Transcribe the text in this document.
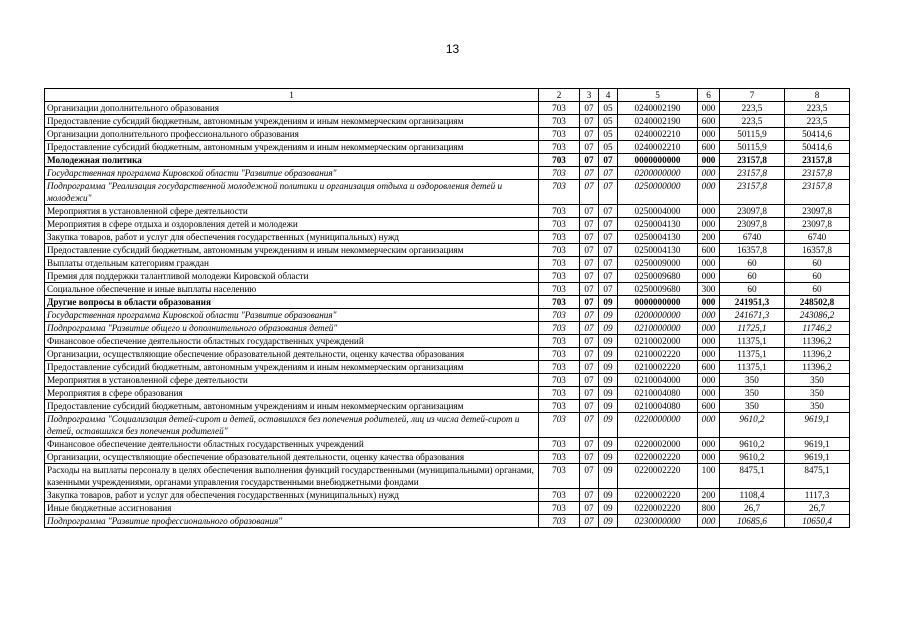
13
1	2	3	4	5	6	7	8
Организации дополнительного образования	703	07	05	0240002190	000	223,5	223,5
Предоставление субсидий бюджетным, автономным учреждениям и иным некоммерческим организациям	703	07	05	0240002190	600	223,5	223,5
Организации дополнительного профессионального образования	703	07	05	0240002210	000	50115,9	50414,6
Предоставление субсидий бюджетным, автономным учреждениям и иным некоммерческим организациям	703	07	05	0240002210	600	50115,9	50414,6
Молодежная политика	703	07	07	0000000000	000	23157,8	23157,8
Государственная программа Кировской области "Развитие образования"	703	07	07	0200000000	000	23157,8	23157,8
Подпрограмма "Реализация государственной молодежной политики и организация отдыха и оздоровления детей и молодежи"	703	07	07	0250000000	000	23157,8	23157,8
Мероприятия в установленной сфере деятельности	703	07	07	0250004000	000	23097,8	23097,8
Мероприятия в сфере отдыха и оздоровления детей и молодежи	703	07	07	0250004130	000	23097,8	23097,8
Закупка товаров, работ и услуг для обеспечения государственных (муниципальных) нужд	703	07	07	0250004130	200	6740	6740
Предоставление субсидий бюджетным, автономным учреждениям и иным некоммерческим организациям	703	07	07	0250004130	600	16357,8	16357,8
Выплаты отдельным категориям граждан	703	07	07	0250009000	000	60	60
Премия для поддержки талантливой молодежи Кировской области	703	07	07	0250009680	000	60	60
Социальное обеспечение и иные выплаты населению	703	07	07	0250009680	300	60	60
Другие вопросы в области образования	703	07	09	0000000000	000	241951,3	248502,8
Государственная программа Кировской области "Развитие образования"	703	07	09	0200000000	000	241671,3	243086,2
Подпрограмма "Развитие общего и дополнительного образования детей"	703	07	09	0210000000	000	11725,1	11746,2
Финансовое обеспечение деятельности областных государственных учреждений	703	07	09	0210002000	000	11375,1	11396,2
Организации, осуществляющие обеспечение образовательной деятельности, оценку качества образования	703	07	09	0210002220	000	11375,1	11396,2
Предоставление субсидий бюджетным, автономным учреждениям и иным некоммерческим организациям	703	07	09	0210002220	600	11375,1	11396,2
Мероприятия в установленной сфере деятельности	703	07	09	0210004000	000	350	350
Мероприятия в сфере образования	703	07	09	0210004080	000	350	350
Предоставление субсидий бюджетным, автономным учреждениям и иным некоммерческим организациям	703	07	09	0210004080	600	350	350
Подпрограмма "Социализация детей-сирот и детей, оставшихся без попечения родителей, лиц из числа детей-сирот и детей, оставшихся без попечения родителей"	703	07	09	0220000000	000	9610,2	9619,1
Финансовое обеспечение деятельности областных государственных учреждений	703	07	09	0220002000	000	9610,2	9619,1
Организации, осуществляющие обеспечение образовательной деятельности, оценку качества образования	703	07	09	0220002220	000	9610,2	9619,1
Расходы на выплаты персоналу в целях обеспечения выполнения функций государственными (муниципальными) органами, казенными учреждениями, органами управления государственными внебюджетными фондами	703	07	09	0220002220	100	8475,1	8475,1
Закупка товаров, работ и услуг для обеспечения государственных (муниципальных) нужд	703	07	09	0220002220	200	1108,4	1117,3
Иные бюджетные ассигнования	703	07	09	0220002220	800	26,7	26,7
Подпрограмма "Развитие профессионального образования"	703	07	09	0230000000	000	10685,6	10650,4
